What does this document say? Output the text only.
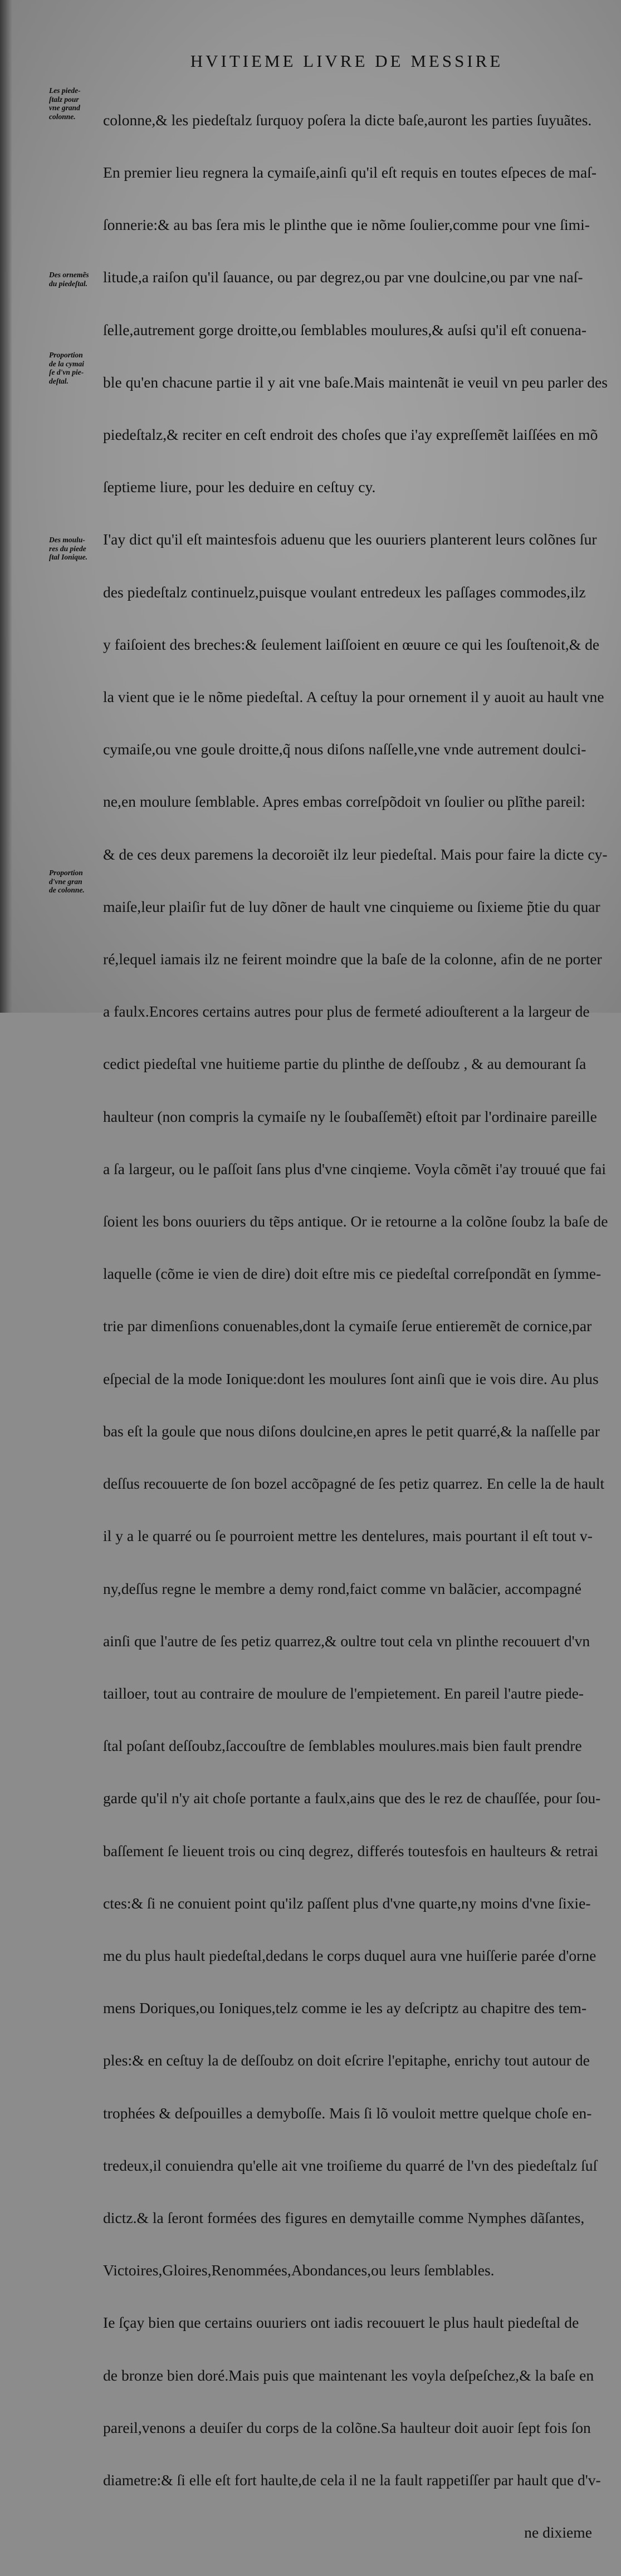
HVITIEME LIVRE DE MESSIRE

colonne,& les piedeſtalz ſurquoy poſera la dicte baſe,auront les parties ſuyuãtes.

En premier lieu regnera la cymaiſe,ainſi qu'il eſt requis en toutes eſpeces de maſ-

ſonnerie:& au bas ſera mis le plinthe que ie nõme ſoulier,comme pour vne ſimi-

litude,a raiſon qu'il ſauance, ou par degrez,ou par vne doulcine,ou par vne naſ-

ſelle,autrement gorge droitte,ou ſemblables moulures,& auſsi qu'il eſt conuena-

ble qu'en chacune partie il y ait vne baſe.Mais maintenãt ie veuil vn peu parler des

piedeſtalz,& reciter en ceſt endroit des choſes que i'ay expreſſemẽt laiſſées en mõ

ſeptieme liure, pour les deduire en ceſtuy cy.

I'ay dict qu'il eſt maintesfois aduenu que les ouuriers planterent leurs colõnes ſur

des piedeſtalz continuelz,puisque voulant entredeux les paſſages commodes,ilz

y faiſoient des breches:& ſeulement laiſſoient en œuure ce qui les ſouſtenoit,& de

la vient que ie le nõme piedeſtal. A ceſtuy la pour ornement il y auoit au hault vne

cymaiſe,ou vne goule droitte,q̃ nous diſons naſſelle,vne vnde autrement doulci-

ne,en moulure ſemblable. Apres embas correſpõdoit vn ſoulier ou plĩthe pareil:

& de ces deux paremens la decoroiẽt ilz leur piedeſtal. Mais pour faire la dicte cy-

maiſe,leur plaiſir fut de luy dõner de hault vne cinquieme ou ſixieme p̃tie du quar

ré,lequel iamais ilz ne feirent moindre que la baſe de la colonne, afin de ne porter

a faulx.Encores certains autres pour plus de fermeté adiouſterent a la largeur de

cedict piedeſtal vne huitieme partie du plinthe de deſſoubz , & au demourant ſa

haulteur (non compris la cymaiſe ny le ſoubaſſemẽt) eſtoit par l'ordinaire pareille

a ſa largeur, ou le paſſoit ſans plus d'vne cinqieme. Voyla cõmẽt i'ay trouué que fai

ſoient les bons ouuriers du tẽps antique. Or ie retourne a la colõne ſoubz la baſe de

laquelle (cõme ie vien de dire) doit eſtre mis ce piedeſtal correſpondãt en ſymme-

trie par dimenſions conuenables,dont la cymaiſe ſerue entieremẽt de cornice,par

eſpecial de la mode Ionique:dont les moulures ſont ainſi que ie vois dire. Au plus

bas eſt la goule que nous diſons doulcine,en apres le petit quarré,& la naſſelle par

deſſus recouuerte de ſon bozel accõpagné de ſes petiz quarrez. En celle la de hault

il y a le quarré ou ſe pourroient mettre les dentelures, mais pourtant il eſt tout v-

ny,deſſus regne le membre a demy rond,faict comme vn balãcier, accompagné

ainſi que l'autre de ſes petiz quarrez,& oultre tout cela vn plinthe recouuert d'vn

tailloer, tout au contraire de moulure de l'empietement. En pareil l'autre piede-

ſtal poſant deſſoubz,ſaccouſtre de ſemblables moulures.mais bien fault prendre

garde qu'il n'y ait choſe portante a faulx,ains que des le rez de chauſſée, pour ſou-

baſſement ſe lieuent trois ou cinq degrez, differés toutesfois en haulteurs & retrai

ctes:& ſi ne conuient point qu'ilz paſſent plus d'vne quarte,ny moins d'vne ſixie-

me du plus hault piedeſtal,dedans le corps duquel aura vne huiſſerie parée d'orne

mens Doriques,ou Ioniques,telz comme ie les ay deſcriptz au chapitre des tem-

ples:& en ceſtuy la de deſſoubz on doit eſcrire l'epitaphe, enrichy tout autour de

trophées & deſpouilles a demyboſſe. Mais ſi lõ vouloit mettre quelque choſe en-

tredeux,il conuiendra qu'elle ait vne troiſieme du quarré de l'vn des piedeſtalz ſuſ

dictz.& la ſeront formées des figures en demytaille comme Nymphes dãſantes,

Victoires,Gloires,Renommées,Abondances,ou leurs ſemblables.

Ie ſçay bien que certains ouuriers ont iadis recouuert le plus hault piedeſtal de

de bronze bien doré.Mais puis que maintenant les voyla deſpeſchez,& la baſe en

pareil,venons a deuiſer du corps de la colõne.Sa haulteur doit auoir ſept fois ſon

diametre:& ſi elle eſt fort haulte,de cela il ne la fault rappetiſſer par hault que d'v-

ne dixieme

Les piede-
ſtalz pour
vne grand
colonne.
Des ornemẽs
du piedeſtal.
Proportion
de la cymai
ſe d'vn pie-
deſtal.
Des moulu-
res du piede
ſtal Ionique.
Proportion
d'vne gran
de colonne.
